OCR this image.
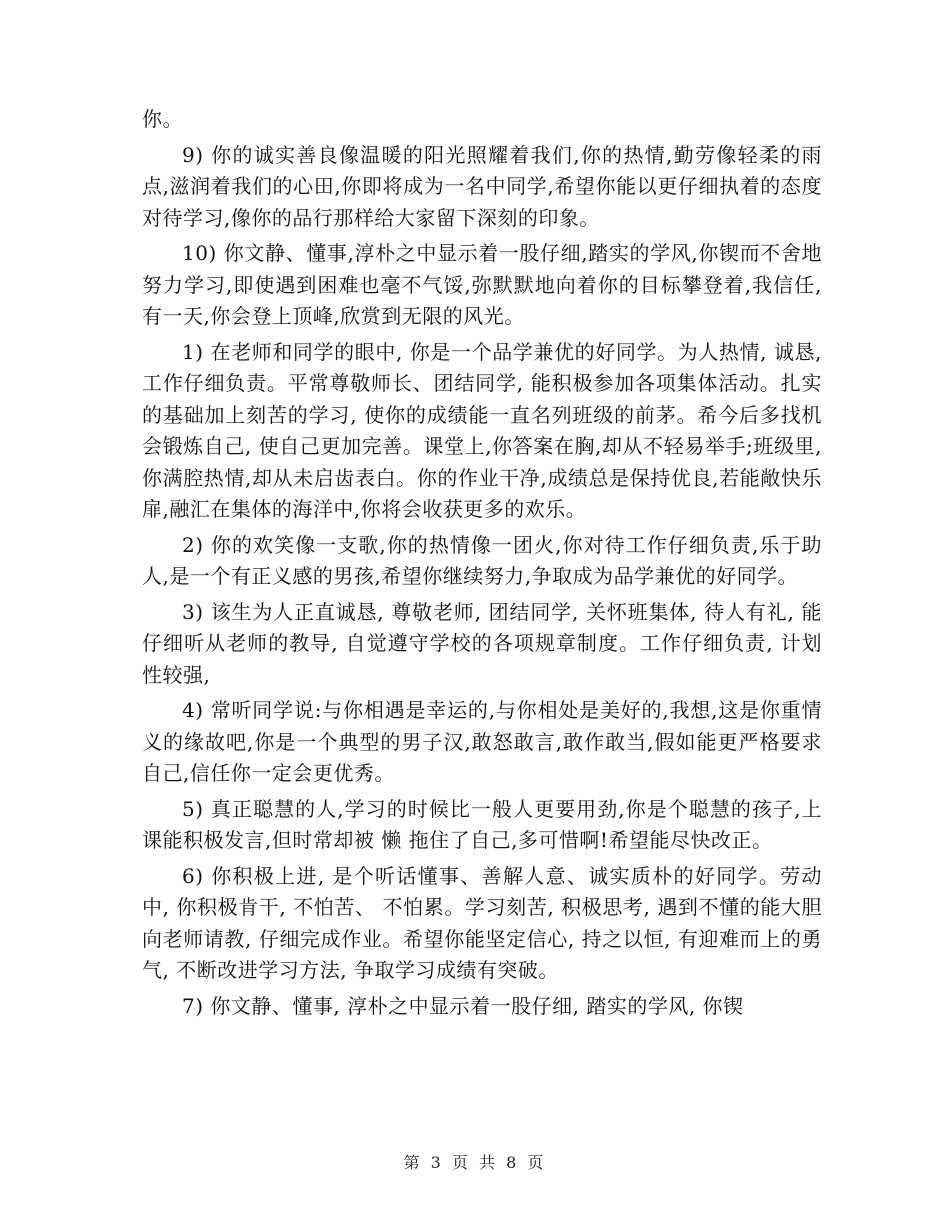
你。

9) 你的诚实善良像温暖的阳光照耀着我们,你的热情,勤劳像轻柔的雨点,滋润着我们的心田,你即将成为一名中同学,希望你能以更仔细执着的态度对待学习,像你的品行那样给大家留下深刻的印象。

10) 你文静、懂事,淳朴之中显示着一股仔细,踏实的学风,你锲而不舍地努力学习,即使遇到困难也毫不气馁,弥默默地向着你的目标攀登着,我信任,有一天,你会登上顶峰,欣赏到无限的风光。

1) 在老师和同学的眼中, 你是一个品学兼优的好同学。为人热情, 诚恳, 工作仔细负责。平常尊敬师长、团结同学, 能积极参加各项集体活动。扎实的基础加上刻苦的学习, 使你的成绩能一直名列班级的前茅。希今后多找机会锻炼自己, 使自己更加完善。课堂上,你答案在胸,却从不轻易举手;班级里,你满腔热情,却从未启齿表白。你的作业干净,成绩总是保持优良,若能敞快乐扉,融汇在集体的海洋中,你将会收获更多的欢乐。

2) 你的欢笑像一支歌,你的热情像一团火,你对待工作仔细负责,乐于助人,是一个有正义感的男孩,希望你继续努力,争取成为品学兼优的好同学。

3) 该生为人正直诚恳, 尊敬老师, 团结同学, 关怀班集体, 待人有礼, 能仔细听从老师的教导, 自觉遵守学校的各项规章制度。工作仔细负责, 计划性较强,

4) 常听同学说:与你相遇是幸运的,与你相处是美好的,我想,这是你重情义的缘故吧,你是一个典型的男子汉,敢怒敢言,敢作敢当,假如能更严格要求自己,信任你一定会更优秀。

5) 真正聪慧的人,学习的时候比一般人更要用劲,你是个聪慧的孩子,上课能积极发言,但时常却被 懒 拖住了自己,多可惜啊!希望能尽快改正。

6) 你积极上进, 是个听话懂事、善解人意、诚实质朴的好同学。劳动中, 你积极肯干, 不怕苦、 不怕累。学习刻苦, 积极思考, 遇到不懂的能大胆向老师请教, 仔细完成作业。希望你能坚定信心, 持之以恒, 有迎难而上的勇气, 不断改进学习方法, 争取学习成绩有突破。

7) 你文静、懂事, 淳朴之中显示着一股仔细, 踏实的学风, 你锲

第 3 页 共 8 页
